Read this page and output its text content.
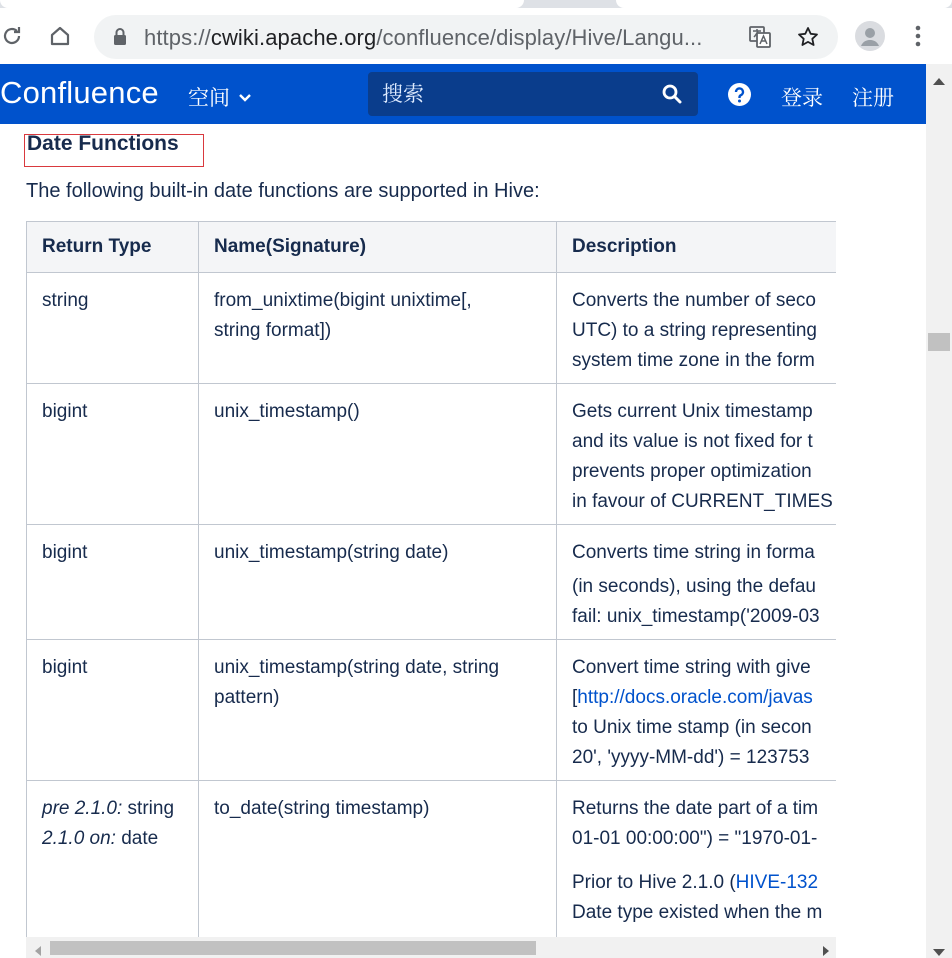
https://cwiki.apache.org/confluence/display/Hive/Langu...
Confluence 空间
搜索	登录 注册
Date Functions
The following built-in date functions are supported in Hive:
Return Type	Name(Signature)	Description
string	from_unixtime(bigint unixtime[,
string format])	Converts the number of seco
UTC) to a string representing
system time zone in the form

bigint	unix_timestamp()	Gets current Unix timestamp
and its value is not fixed for t
prevents proper optimization
in favour of CURRENT_TIMES

bigint	unix_timestamp(string date)	Converts time string in forma
(in seconds), using the defau
fail: unix_timestamp('2009-03

bigint	unix_timestamp(string date, string
pattern)	Convert time string with give
[http://docs.oracle.com/javas
to Unix time stamp (in secon
20', 'yyyy-MM-dd') = 123753

pre 2.1.0: string
2.1.0 on: date	to_date(string timestamp)	Returns the date part of a tim
01-01 00:00:00") = "1970-01-
Prior to Hive 2.1.0 (HIVE-132
Date type existed when the m
